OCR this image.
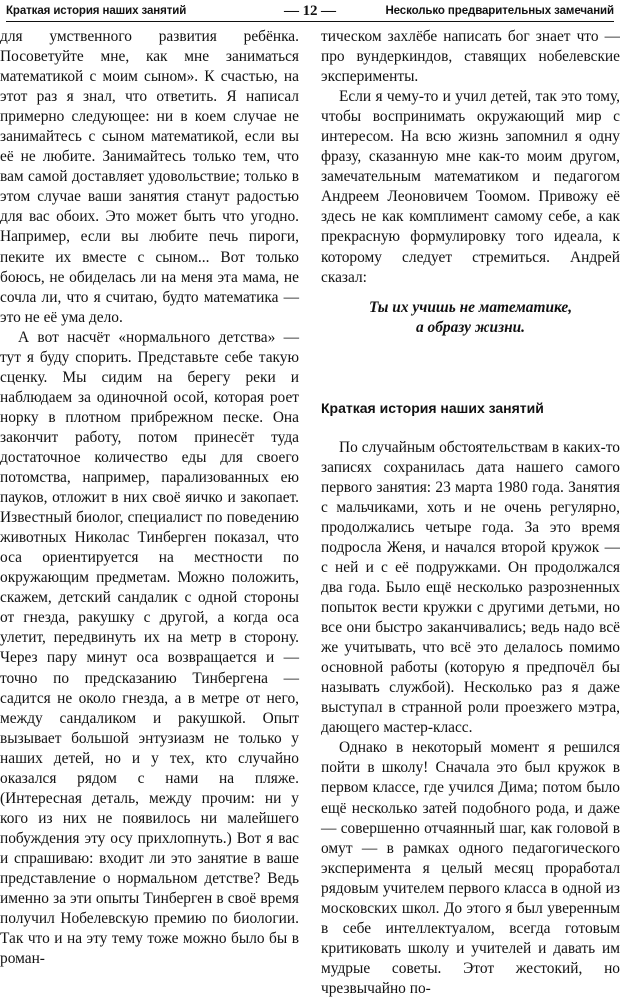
Краткая история наших занятий	— 12 —	Несколько предварительных замечаний

для умственного развития ребёнка. Посоветуйте мне, как мне заниматься математикой с моим сыном». К счастью, на этот раз я знал, что ответить. Я написал примерно следующее: ни в коем случае не занимайтесь с сыном математикой, если вы её не любите. Занимайтесь только тем, что вам самой доставляет удовольствие; только в этом случае ваши занятия станут радостью для вас обоих. Это может быть что угодно. Например, если вы любите печь пироги, пеките их вместе с сыном... Вот только боюсь, не обиделась ли на меня эта мама, не сочла ли, что я считаю, будто математика — это не её ума дело.

А вот насчёт «нормального детства» — тут я буду спорить. Представьте себе такую сценку. Мы сидим на берегу реки и наблюдаем за одиночной осой, которая роет норку в плотном прибрежном песке. Она закончит работу, потом принесёт туда достаточное количество еды для своего потомства, например, парализованных ею пауков, отложит в них своё яичко и закопает. Известный биолог, специалист по поведению животных Николас Тинберген показал, что оса ориентируется на местности по окружающим предметам. Можно положить, скажем, детский сандалик с одной стороны от гнезда, ракушку с другой, а когда оса улетит, передвинуть их на метр в сторону. Через пару минут оса возвращается и — точно по предсказанию Тинбергена — садится не около гнезда, а в метре от него, между сандаликом и ракушкой. Опыт вызывает большой энтузиазм не только у наших детей, но и у тех, кто случайно оказался рядом с нами на пляже. (Интересная деталь, между прочим: ни у кого из них не появилось ни малейшего побуждения эту осу прихлопнуть.) Вот я вас и спрашиваю: входит ли это занятие в ваше представление о нормальном детстве? Ведь именно за эти опыты Тинберген в своё время получил Нобелевскую премию по биологии. Так что и на эту тему тоже можно было бы в роман-

тическом захлёбе написать бог знает что — про вундеркиндов, ставящих нобелевские эксперименты.

Если я чему-то и учил детей, так это тому, чтобы воспринимать окружающий мир с интересом. На всю жизнь запомнил я одну фразу, сказанную мне как-то моим другом, замечательным математиком и педагогом Андреем Леоновичем Тоомом. Привожу её здесь не как комплимент самому себе, а как прекрасную формулировку того идеала, к которому следует стремиться. Андрей сказал:

Ты их учишь не математике,
а образу жизни.
Краткая история наших занятий

По случайным обстоятельствам в каких-то записях сохранилась дата нашего самого первого занятия: 23 марта 1980 года. Занятия с мальчиками, хоть и не очень регулярно, продолжались четыре года. За это время подросла Женя, и начался второй кружок — с ней и с её подружками. Он продолжался два года. Было ещё несколько разрозненных попыток вести кружки с другими детьми, но все они быстро заканчивались; ведь надо всё же учитывать, что всё это делалось помимо основной работы (которую я предпочёл бы называть службой). Несколько раз я даже выступал в странной роли проезжего мэтра, дающего мастер-класс.

Однако в некоторый момент я решился пойти в школу! Сначала это был кружок в первом классе, где учился Дима; потом было ещё несколько затей подобного рода, и даже — совершенно отчаянный шаг, как головой в омут — в рамках одного педагогического эксперимента я целый месяц проработал рядовым учителем первого класса в одной из московских школ. До этого я был уверенным в себе интеллектуалом, всегда готовым критиковать школу и учителей и давать им мудрые советы. Этот жестокий, но чрезвычайно по-
